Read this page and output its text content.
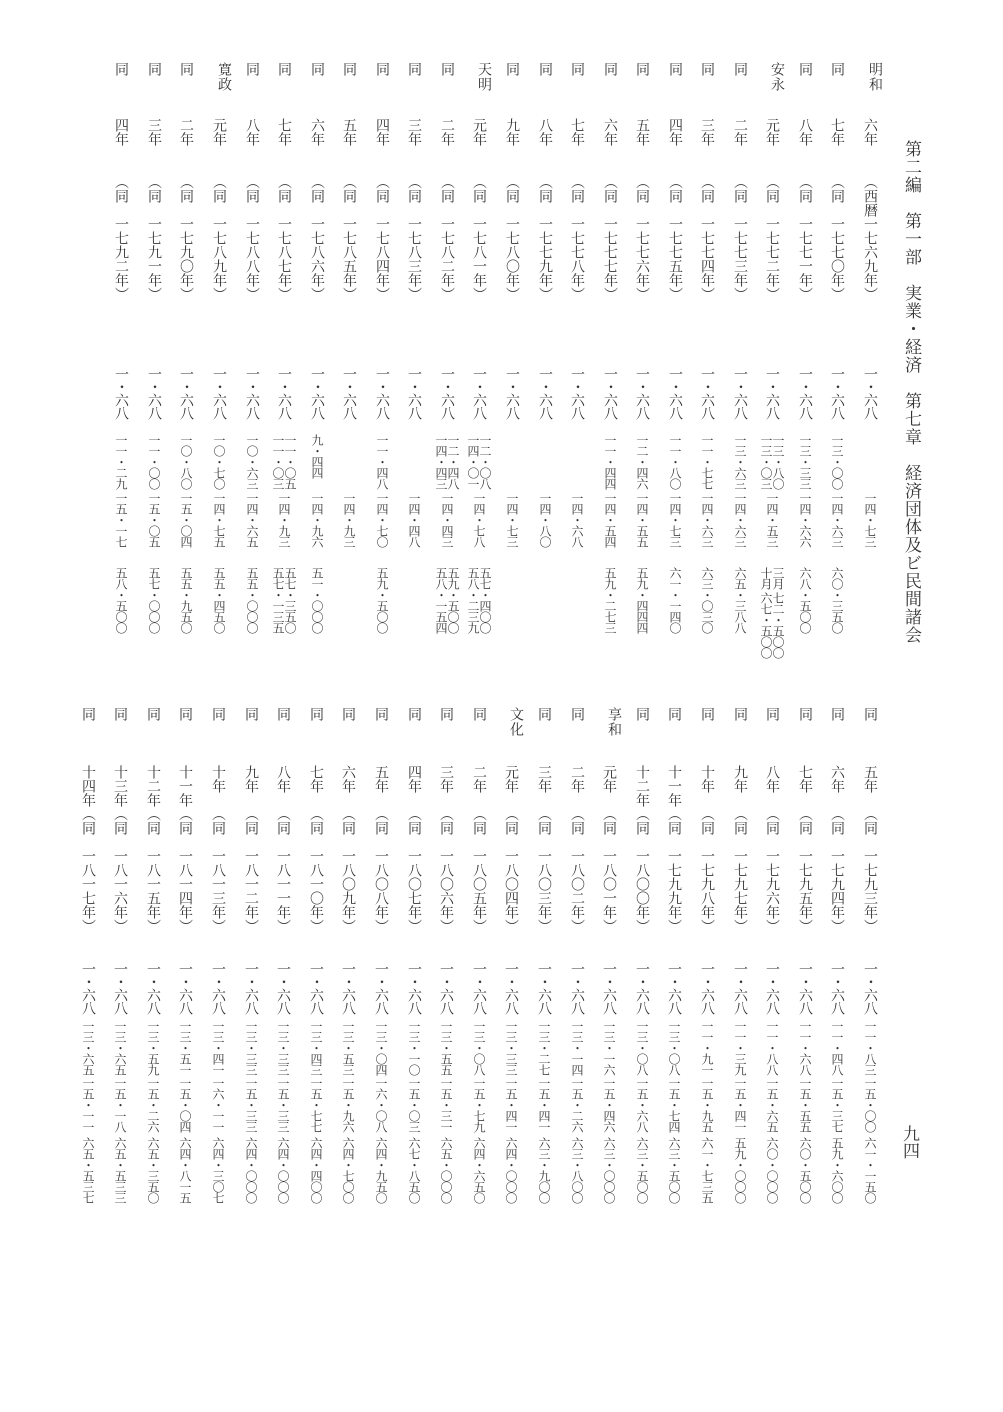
第二編　第一部　実業・経済　第七章　経済団体及ビ民間諸会
九四
明和
六年
（西暦一七六九年）
一・六八
一四・七三
同
七年
（同　一七七〇年）
一・六八
一三・〇〇
一四・六三
六〇・三五〇
同
八年
（同　一七七一年）
一・六八
一三・三三
一四・六六
六八・五〇〇
安永
元年
（同　一七七二年）
一・六八
一三・八〇
一三・〇三
一四・五三
三月 七二・五〇〇
十月 六七・五〇〇
同
二年
（同　一七七三年）
一・六八
一三・六三
一四・六三
六五・三八八
同
三年
（同　一七七四年）
一・六八
一一・七七
一四・六三
六三・〇三〇
同
四年
（同　一七七五年）
一・六八
一一・八〇
一四・七三
六一・一四〇
同
五年
（同　一七七六年）
一・六八
一二・四六
一四・五五
五九・四四四
同
六年
（同　一七七七年）
一・六八
一一・四四
一四・五四
五九・二七三
同
七年
（同　一七七八年）
一・六八
一四・六八
同
八年
（同　一七七九年）
一・六八
一四・八〇
同
九年
（同　一七八〇年）
一・六八
一四・七三
天明
元年
（同　一七八一年）
一・六八
一二・〇八
一四・〇一
一四・七八
五七・四〇〇
五八・二三九
同
二年
（同　一七八二年）
一・六八
一二・四八
一四・四三
一四・四三
五九・五〇〇
五八・一五四
同
三年
（同　一七八三年）
一・六八
一四・四八
同
四年
（同　一七八四年）
一・六八
一一・四八
一四・七〇
五九・五〇〇
同
五年
（同　一七八五年）
一・六八
一四・九三
同
六年
（同　一七八六年）
一・六八
九・四四
一四・九六
五一・〇〇〇
同
七年
（同　一七八七年）
一・六八
一一・〇五
一一・〇三
一四・九三
五七・三五〇
五七・一三五
同
八年
（同　一七八八年）
一・六八
一〇・六三
一四・六五
五五・〇〇〇
寛政
元年
（同　一七八九年）
一・六八
一〇・七〇
一四・七五
五五・四五〇
同
二年
（同　一七九〇年）
一・六八
一〇・八〇
一五・〇四
五五・九五〇
同
三年
（同　一七九一年）
一・六八
一一・〇〇
一五・〇五
五七・〇〇〇
同
四年
（同　一七九二年）
一・六八
一一・二九
一五・一七
五八・五〇〇
同
五年
（同　一七九三年）
一・六八
一一・八三
一五・〇〇
六一・一五〇
同
六年
（同　一七九四年）
一・六八
一一・四八
一五・三七
五九・六〇〇
同
七年
（同　一七九五年）
一・六八
一一・六八
一五・五五
六〇・五〇〇
同
八年
（同　一七九六年）
一・六八
一一・八八
一五・六五
六〇・〇〇〇
同
九年
（同　一七九七年）
一・六八
一一・三九
一五・四一
五九・〇〇〇
同
十年
（同　一七九八年）
一・六八
一一・九一
一五・九五
六一・七三五
同
十一年
（同　一七九九年）
一・六八
一三・〇八
一五・七四
六三・五〇〇
同
十二年
（同　一八〇〇年）
一・六八
一三・〇八
一五・六八
六三・五〇〇
享和
元年
（同　一八〇一年）
一・六八
一三・一六
一五・四六
六三・〇〇〇
同
二年
（同　一八〇二年）
一・六八
一三・一四
一五・二六
六三・八〇〇
同
三年
（同　一八〇三年）
一・六八
一三・二七
一五・四一
六三・九〇〇
文化
元年
（同　一八〇四年）
一・六八
一三・三三
一五・四一
六四・〇〇〇
同
二年
（同　一八〇五年）
一・六八
一三・〇八
一五・七九
六四・六五〇
同
三年
（同　一八〇六年）
一・六八
一三・五五
一五・三一
六五・〇〇〇
同
四年
（同　一八〇七年）
一・六八
一三・一〇
一五・〇三
六七・八五〇
同
五年
（同　一八〇八年）
一・六八
一三・〇四
一六・〇八
六四・九五〇
同
六年
（同　一八〇九年）
一・六八
一三・五三
一五・九六
六四・七〇〇
同
七年
（同　一八一〇年）
一・六八
一三・四三
一五・七七
六四・四〇〇
同
八年
（同　一八一一年）
一・六八
一三・三三
一五・三三
六四・〇〇〇
同
九年
（同　一八一二年）
一・六八
一三・三三
一五・三三
六四・〇〇〇
同
十年
（同　一八一三年）
一・六八
一三・四一
一六・一一
六四・三〇七
同
十一年
（同　一八一四年）
一・六八
一三・五一
一五・〇四
六四・八一五
同
十二年
（同　一八一五年）
一・六八
一三・五九
一五・二六
六五・三五〇
同
十三年
（同　一八一六年）
一・六八
一三・六五
一五・一八
六五・五三三
同
十四年
（同　一八一七年）
一・六八
一三・六五
一五・一一
六五・五三七
